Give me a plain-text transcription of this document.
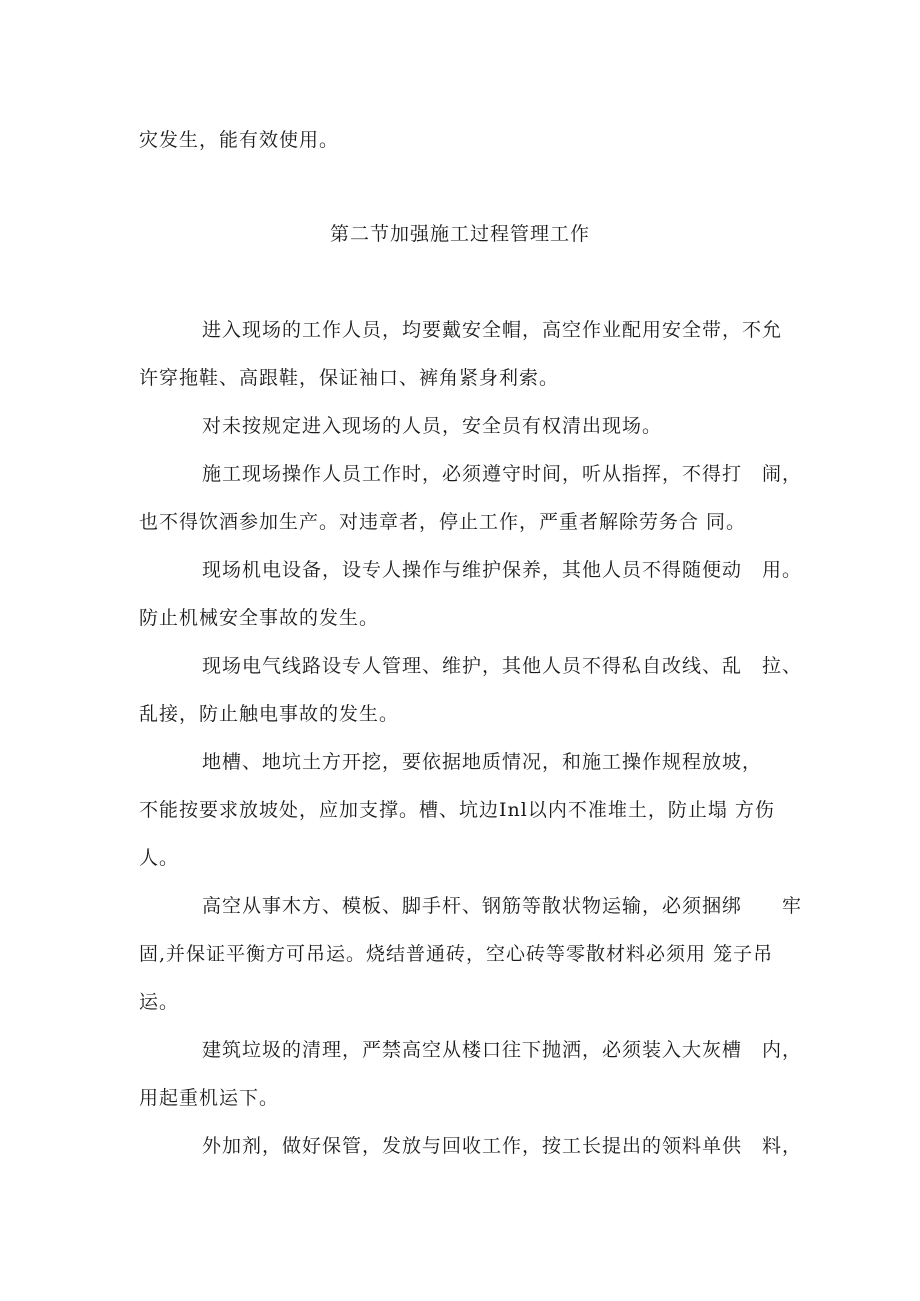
灾发生，能有效使用。
第二节加强施工过程管理工作
进入现场的工作人员，均要戴安全帽，高空作业配用安全带，不允
许穿拖鞋、高跟鞋，保证袖口、裤角紧身利索。
对未按规定进入现场的人员，安全员有权清出现场。
施工现场操作人员工作时，必须遵守时间，听从指挥，不得打　闹，
也不得饮酒参加生产。对违章者，停止工作，严重者解除劳务合 同。
现场机电设备，设专人操作与维护保养，其他人员不得随便动　用。
防止机械安全事故的发生。
现场电气线路设专人管理、维护，其他人员不得私自改线、乱　拉、
乱接，防止触电事故的发生。
地槽、地坑土方开挖，要依据地质情况，和施工操作规程放坡，
不能按要求放坡处，应加支撑。槽、坑边Inl以内不准堆土，防止塌 方伤
人。
高空从事木方、模板、脚手杆、钢筋等散状物运输，必须捆绑　　牢
固,并保证平衡方可吊运。烧结普通砖，空心砖等零散材料必须用 笼子吊
运。
建筑垃圾的清理，严禁高空从楼口往下抛洒，必须装入大灰槽　内，
用起重机运下。
外加剂，做好保管，发放与回收工作，按工长提出的领料单供　料，
